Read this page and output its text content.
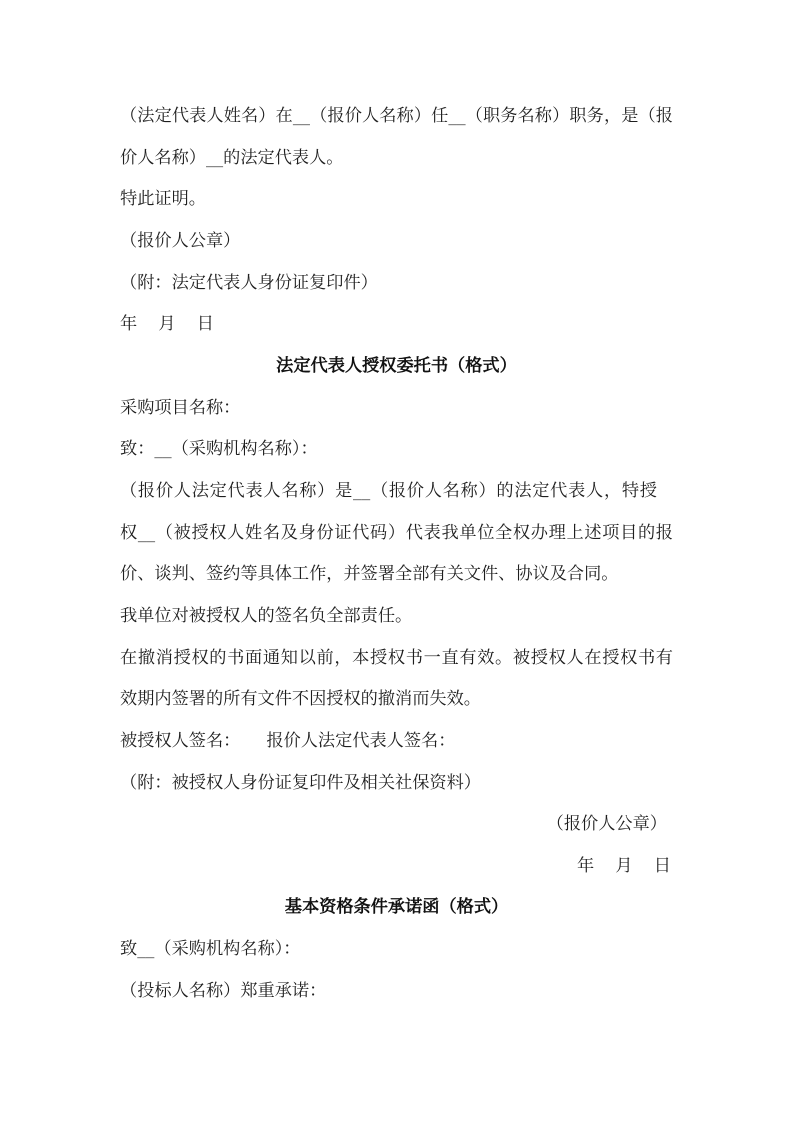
（法定代表人姓名）在__（报价人名称）任__（职务名称）职务，是（报
价人名称）__的法定代表人。
特此证明。
（报价人公章）
（附：法定代表人身份证复印件）
年　月　日
法定代表人授权委托书（格式）
采购项目名称：
致：__（采购机构名称）：
（报价人法定代表人名称）是__（报价人名称）的法定代表人，特授
权__（被授权人姓名及身份证代码）代表我单位全权办理上述项目的报
价、谈判、签约等具体工作，并签署全部有关文件、协议及合同。
我单位对被授权人的签名负全部责任。
在撤消授权的书面通知以前，本授权书一直有效。被授权人在授权书有
效期内签署的所有文件不因授权的撤消而失效。
被授权人签名： 报价人法定代表人签名：
（附：被授权人身份证复印件及相关社保资料）
（报价人公章）
年　月　日
基本资格条件承诺函（格式）
致__（采购机构名称）：
（投标人名称）郑重承诺：
